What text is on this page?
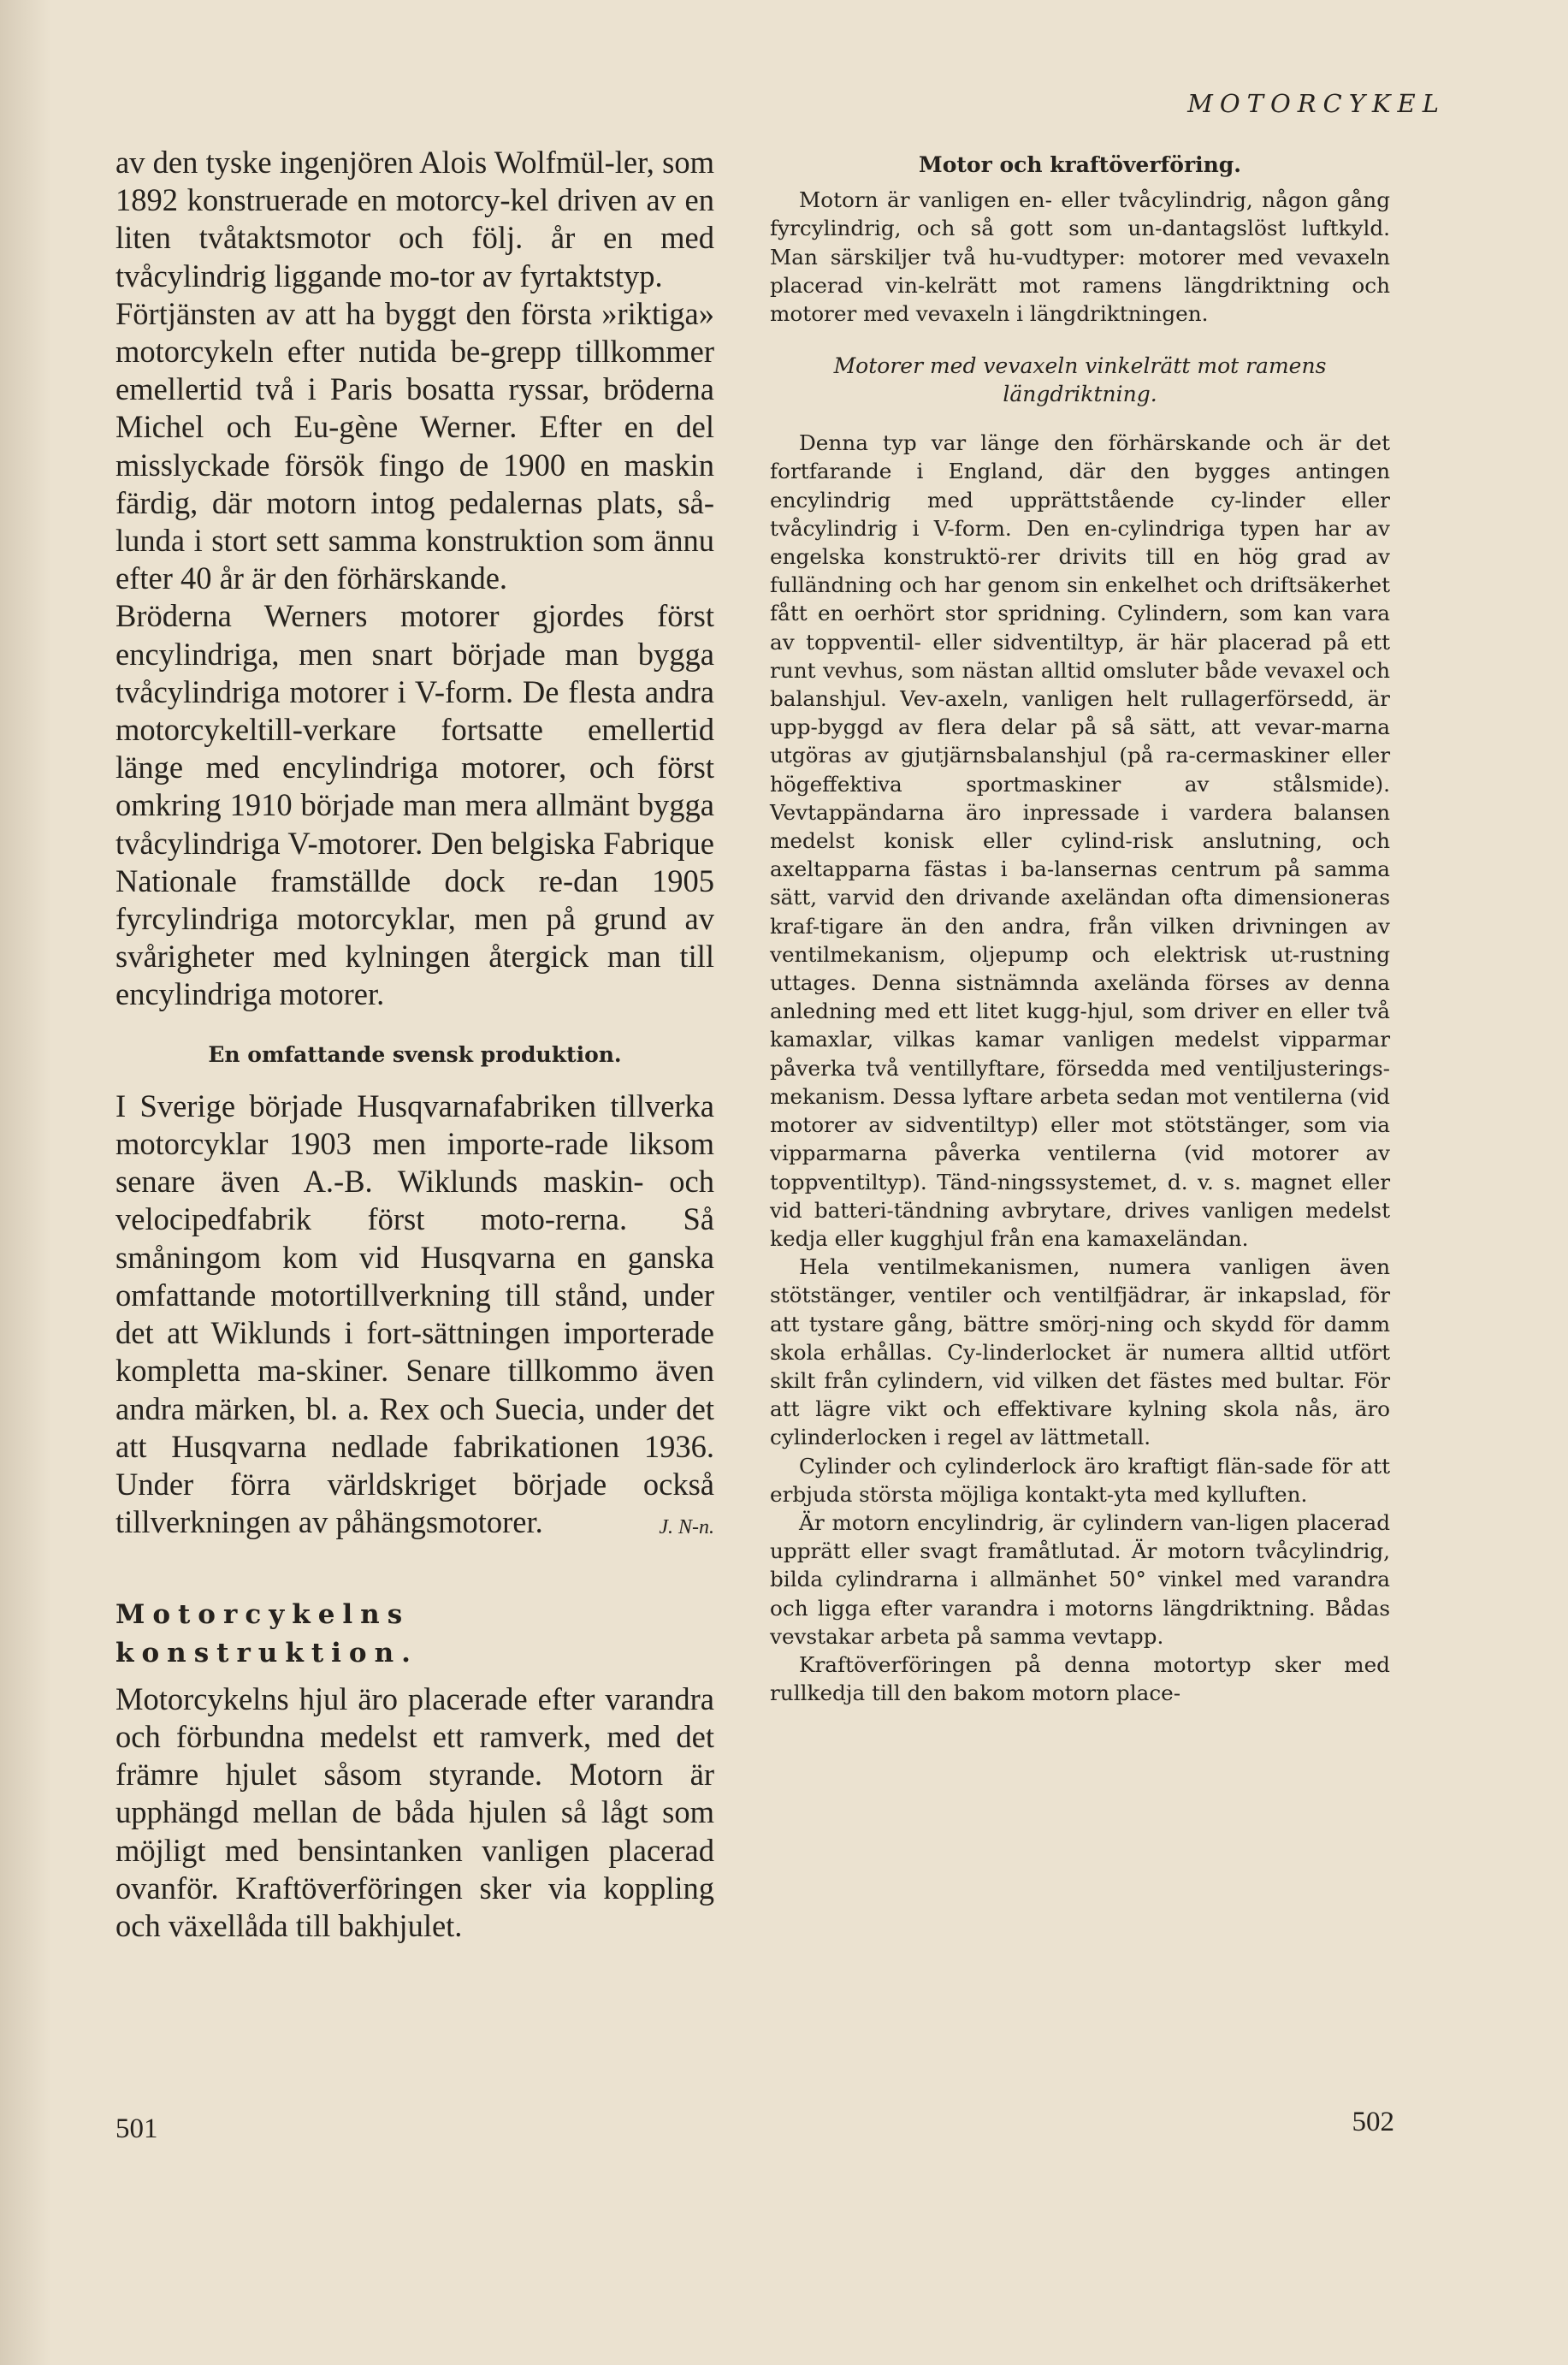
MOTORCYKEL

av den tyske ingenjören Alois Wolfmül-ler, som 1892 konstruerade en motorcy-kel driven av en liten tvåtaktsmotor och följ. år en med tvåcylindrig liggande mo-tor av fyrtaktstyp.

Förtjänsten av att ha byggt den första »riktiga» motorcykeln efter nutida be-grepp tillkommer emellertid två i Paris bosatta ryssar, bröderna Michel och Eu-gène Werner. Efter en del misslyckade försök fingo de 1900 en maskin färdig, där motorn intog pedalernas plats, så-lunda i stort sett samma konstruktion som ännu efter 40 år är den förhärskande.

Bröderna Werners motorer gjordes först encylindriga, men snart började man bygga tvåcylindriga motorer i V-form. De flesta andra motorcykeltill-verkare fortsatte emellertid länge med encylindriga motorer, och först omkring 1910 började man mera allmänt bygga tvåcylindriga V-motorer. Den belgiska Fabrique Nationale framställde dock re-dan 1905 fyrcylindriga motorcyklar, men på grund av svårigheter med kylningen återgick man till encylindriga motorer.

En omfattande svensk produktion.

I Sverige började Husqvarnafabriken tillverka motorcyklar 1903 men importe-rade liksom senare även A.-B. Wiklunds maskin- och velocipedfabrik först moto-rerna. Så småningom kom vid Husqvarna en ganska omfattande motortillverkning till stånd, under det att Wiklunds i fort-sättningen importerade kompletta ma-skiner. Senare tillkommo även andra märken, bl. a. Rex och Suecia, under det att Husqvarna nedlade fabrikationen 1936. Under förra världskriget började också tillverkningen av påhängsmotorer.	J. N-n.

Motorcykelns konstruktion.

Motorcykelns hjul äro placerade efter varandra och förbundna medelst ett ramverk, med det främre hjulet såsom styrande. Motorn är upphängd mellan de båda hjulen så lågt som möjligt med bensintanken vanligen placerad ovanför. Kraftöverföringen sker via koppling och växellåda till bakhjulet.

Motor och kraftöverföring.

Motorn är vanligen en- eller tvåcylindrig, någon gång fyrcylindrig, och så gott som un-dantagslöst luftkyld. Man särskiljer två hu-vudtyper: motorer med vevaxeln placerad vin-kelrätt mot ramens längdriktning och motorer med vevaxeln i längdriktningen.

Motorer med vevaxeln vinkelrätt mot ramens längdriktning.

Denna typ var länge den förhärskande och är det fortfarande i England, där den bygges antingen encylindrig med upprättstående cy-linder eller tvåcylindrig i V-form. Den en-cylindriga typen har av engelska konstruktö-rer drivits till en hög grad av fulländning och har genom sin enkelhet och driftsäkerhet fått en oerhört stor spridning. Cylindern, som kan vara av toppventil- eller sidventiltyp, är här placerad på ett runt vevhus, som nästan alltid omsluter både vevaxel och balanshjul. Vev-axeln, vanligen helt rullagerförsedd, är upp-byggd av flera delar på så sätt, att vevar-marna utgöras av gjutjärnsbalanshjul (på ra-cermaskiner eller högeffektiva sportmaskiner av stålsmide). Vevtappändarna äro inpressade i vardera balansen medelst konisk eller cylind-risk anslutning, och axeltapparna fästas i ba-lansernas centrum på samma sätt, varvid den drivande axeländan ofta dimensioneras kraf-tigare än den andra, från vilken drivningen av ventilmekanism, oljepump och elektrisk ut-rustning uttages. Denna sistnämnda axelända förses av denna anledning med ett litet kugg-hjul, som driver en eller två kamaxlar, vilkas kamar vanligen medelst vipparmar påverka två ventillyftare, försedda med ventiljusterings-mekanism. Dessa lyftare arbeta sedan mot ventilerna (vid motorer av sidventiltyp) eller mot stötstänger, som via vipparmarna påverka ventilerna (vid motorer av toppventiltyp). Tänd-ningssystemet, d. v. s. magnet eller vid batteri-tändning avbrytare, drives vanligen medelst kedja eller kugghjul från ena kamaxeländan.

Hela ventilmekanismen, numera vanligen även stötstänger, ventiler och ventilfjädrar, är inkapslad, för att tystare gång, bättre smörj-ning och skydd för damm skola erhållas. Cy-linderlocket är numera alltid utfört skilt från cylindern, vid vilken det fästes med bultar. För att lägre vikt och effektivare kylning skola nås, äro cylinderlocken i regel av lättmetall.

Cylinder och cylinderlock äro kraftigt flän-sade för att erbjuda största möjliga kontakt-yta med kylluften.

Är motorn encylindrig, är cylindern van-ligen placerad upprätt eller svagt framåtlutad. Är motorn tvåcylindrig, bilda cylindrarna i allmänhet 50° vinkel med varandra och ligga efter varandra i motorns längdriktning. Bådas vevstakar arbeta på samma vevtapp.

Kraftöverföringen på denna motortyp sker med rullkedja till den bakom motorn place-

501	502
